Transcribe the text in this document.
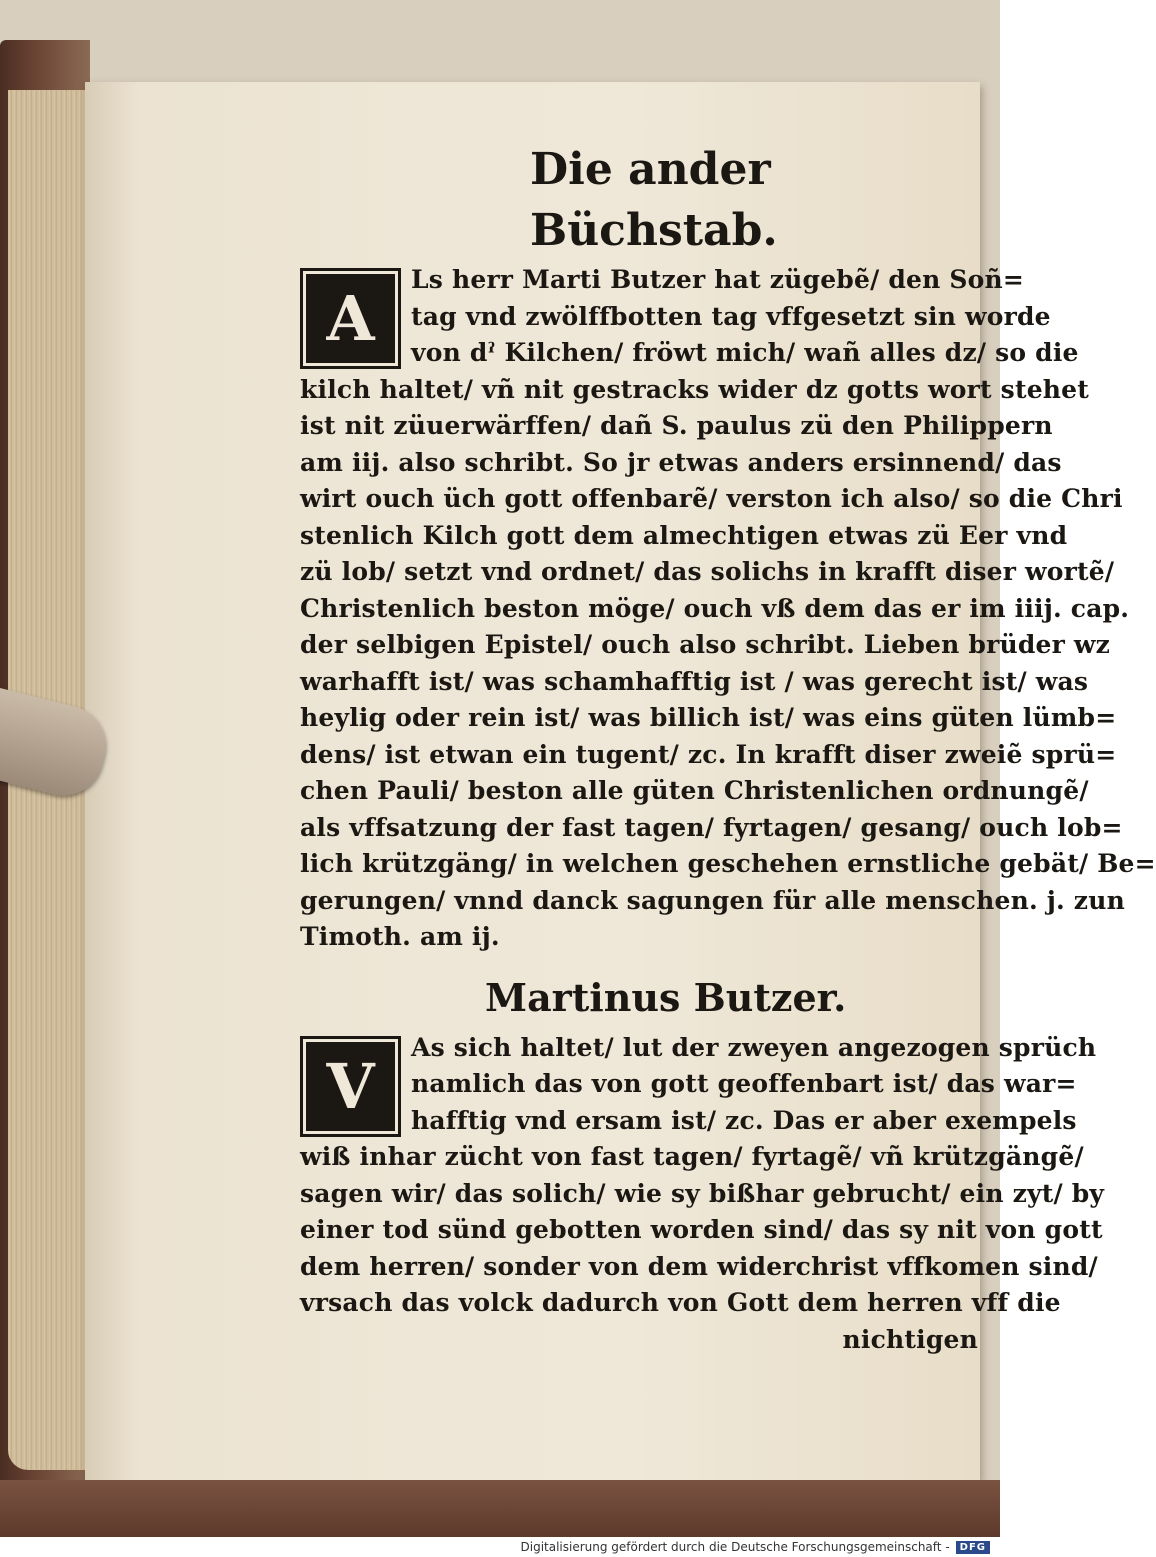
Die ander

Büchstab.

A
Ls herr Marti Butzer hat zügebẽ/ den Soñ=
tag vnd zwölffbotten tag vffgesetzt sin worde
von dˀ Kilchen/ fröwt mich/ wañ alles dz/ so die
kilch haltet/ vñ nit gestracks wider dz gotts wort stehet
ist nit züuerwärffen/ dañ S. paulus zü den Philippern
am iij. also schribt. So jr etwas anders ersinnend/ das
wirt ouch üch gott offenbarẽ/ verston ich also/ so die Chri
stenlich Kilch gott dem almechtigen etwas zü Eer vnd
zü lob/ setzt vnd ordnet/ das solichs in krafft diser wortẽ/
Christenlich beston möge/ ouch vß dem das er im iiij. cap.
der selbigen Epistel/ ouch also schribt. Lieben brüder wz
warhafft ist/ was schamhafftig ist / was gerecht ist/ was
heylig oder rein ist/ was billich ist/ was eins güten lümb=
dens/ ist etwan ein tugent/ zc. In krafft diser zweiẽ sprü=
chen Pauli/ beston alle güten Christenlichen ordnungẽ/
als vffsatzung der fast tagen/ fyrtagen/ gesang/ ouch lob=
lich krützgäng/ in welchen geschehen ernstliche gebät/ Be=
gerungen/ vnnd danck sagungen für alle menschen. j. zun
Timoth. am ij.

Martinus Butzer.

V
As sich haltet/ lut der zweyen angezogen sprüch
namlich das von gott geoffenbart ist/ das war=
hafftig vnd ersam ist/ zc. Das er aber exempels
wiß inhar zücht von fast tagen/ fyrtagẽ/ vñ krützgängẽ/
sagen wir/ das solich/ wie sy bißhar gebrucht/ ein zyt/ by
einer tod sünd gebotten worden sind/ das sy nit von gott
dem herren/ sonder von dem widerchrist vffkomen sind/
vrsach das volck dadurch von Gott dem herren vff die
nichtigen
Digitalisierung gefördert durch die Deutsche Forschungsgemeinschaft -	DFG
